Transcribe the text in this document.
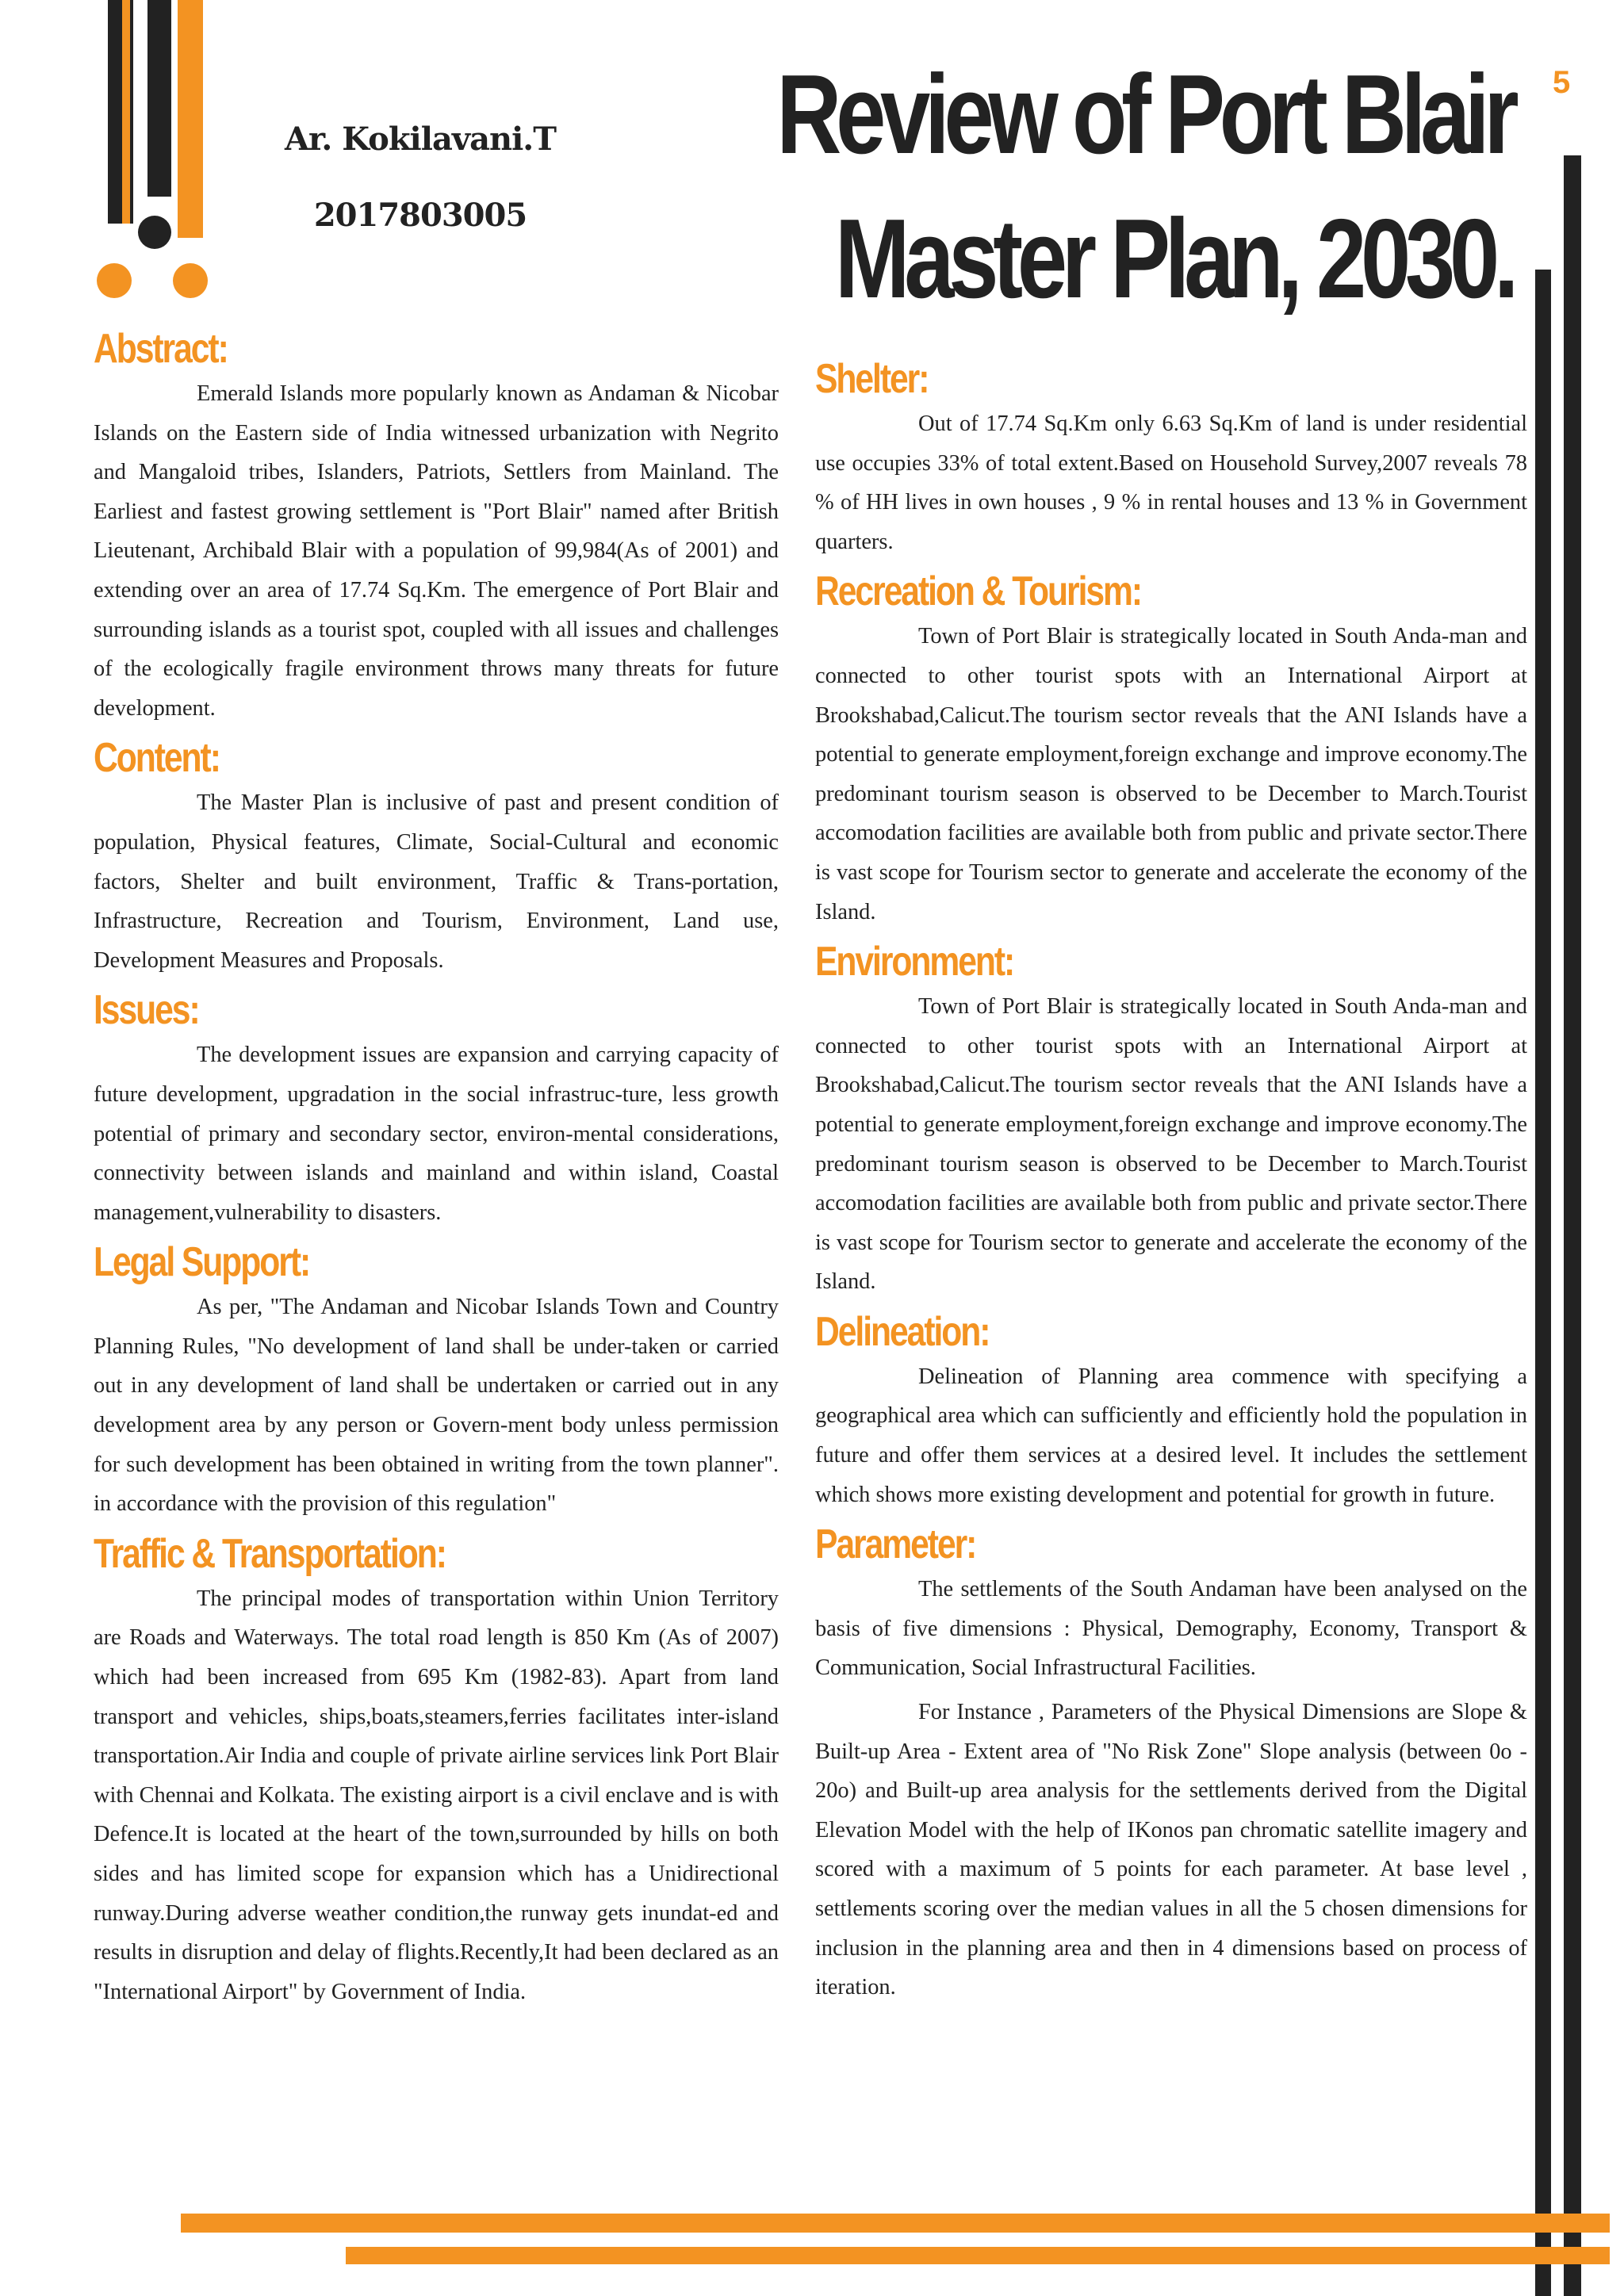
5
Ar. Kokilavani.T
2017803005
Review of Port Blair
Master Plan, 2030.
Abstract:

Emerald Islands more popularly known as Andaman & Nicobar Islands on the Eastern side of India witnessed urbanization with Negrito and Mangaloid tribes, Islanders, Patriots, Settlers from Mainland. The Earliest and fastest growing settlement is "Port Blair" named after British Lieutenant, Archibald Blair with a population of 99,984(As of 2001) and extending over an area of 17.74 Sq.Km. The emergence of Port Blair and surrounding islands as a tourist spot, coupled with all issues and challenges of the ecologically fragile environment throws many threats for future development.

Content:

The Master Plan is inclusive of past and present condition of population, Physical features, Climate, Social-Cultural and economic factors, Shelter and built environment, Traffic & Trans-portation, Infrastructure, Recreation and Tourism, Environment, Land use, Development Measures and Proposals.

Issues:

The development issues are expansion and carrying capacity of future development, upgradation in the social infrastruc-ture, less growth potential of primary and secondary sector, environ-mental considerations, connectivity between islands and mainland and within island, Coastal management,vulnerability to disasters.

Legal Support:

As per, "The Andaman and Nicobar Islands Town and Country Planning Rules, "No development of land shall be under-taken or carried out in any development of land shall be undertaken or carried out in any development area by any person or Govern-ment body unless permission for such development has been obtained in writing from the town planner". in accordance with the provision of this regulation"

Traffic & Transportation:

The principal modes of transportation within Union Territory are Roads and Waterways. The total road length is 850 Km (As of 2007) which had been increased from 695 Km (1982-83). Apart from land transport and vehicles, ships,boats,steamers,ferries facilitates inter-island transportation.Air India and couple of private airline services link Port Blair with Chennai and Kolkata. The existing airport is a civil enclave and is with Defence.It is located at the heart of the town,surrounded by hills on both sides and has limited scope for expansion which has a Unidirectional runway.During adverse weather condition,the runway gets inundat-ed and results in disruption and delay of flights.Recently,It had been declared as an "International Airport" by Government of India.

Shelter:

Out of 17.74 Sq.Km only 6.63 Sq.Km of land is under residential use occupies 33% of total extent.Based on Household Survey,2007 reveals 78 % of HH lives in own houses , 9 % in rental houses and 13 % in Government quarters.

Recreation & Tourism:

Town of Port Blair is strategically located in South Anda-man and connected to other tourist spots with an International Airport at Brookshabad,Calicut.The tourism sector reveals that the ANI Islands have a potential to generate employment,foreign exchange and improve economy.The predominant tourism season is observed to be December to March.Tourist accomodation facilities are available both from public and private sector.There is vast scope for Tourism sector to generate and accelerate the economy of the Island.

Environment:

Town of Port Blair is strategically located in South Anda-man and connected to other tourist spots with an International Airport at Brookshabad,Calicut.The tourism sector reveals that the ANI Islands have a potential to generate employment,foreign exchange and improve economy.The predominant tourism season is observed to be December to March.Tourist accomodation facilities are available both from public and private sector.There is vast scope for Tourism sector to generate and accelerate the economy of the Island.

Delineation:

Delineation of Planning area commence with specifying a geographical area which can sufficiently and efficiently hold the population in future and offer them services at a desired level. It includes the settlement which shows more existing development and potential for growth in future.

Parameter:

The settlements of the South Andaman have been analysed on the basis of five dimensions : Physical, Demography, Economy, Transport & Communication, Social Infrastructural Facilities.

For Instance , Parameters of the Physical Dimensions are Slope & Built-up Area - Extent area of "No Risk Zone" Slope analysis (between 0o - 20o) and Built-up area analysis for the settlements derived from the Digital Elevation Model with the help of IKonos pan chromatic satellite imagery and scored with a maximum of 5 points for each parameter. At base level , settlements scoring over the median values in all the 5 chosen dimensions for inclusion in the planning area and then in 4 dimensions based on process of iteration.
